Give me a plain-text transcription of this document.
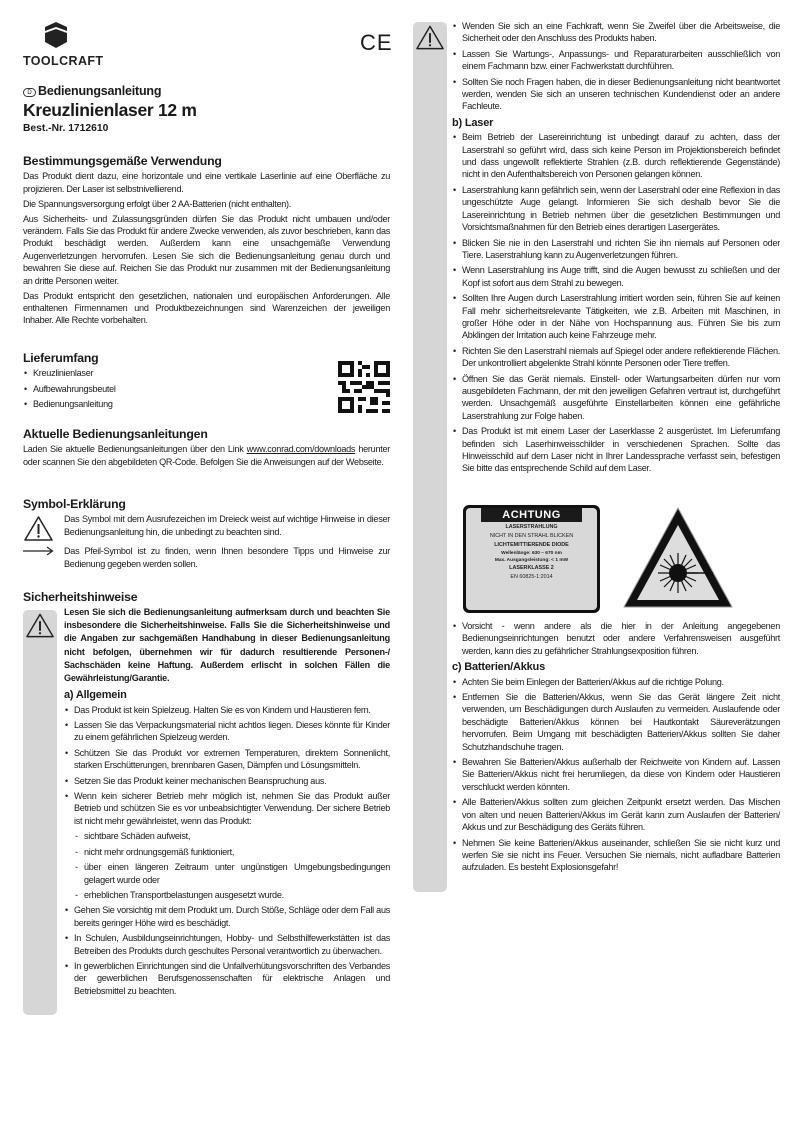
TOOLCRAFT
CE
D Bedienungsanleitung
Kreuzlinienlaser 12 m
Best.-Nr. 1712610
Bestimmungsgemäße Verwendung

Das Produkt dient dazu, eine horizontale und eine vertikale Laserlinie auf eine Oberfläche zu projizieren. Der Laser ist selbstnivellierend.

Die Spannungsversorgung erfolgt über 2 AA-Batterien (nicht enthalten).

Aus Sicherheits- und Zulassungsgründen dürfen Sie das Produkt nicht umbauen und/oder verändern. Falls Sie das Produkt für andere Zwecke verwenden, als zuvor beschrieben, kann das Produkt beschädigt werden. Außerdem kann eine unsachgemäße Verwendung Augenverletzungen hervorrufen. Lesen Sie sich die Bedienungsanleitung genau durch und bewahren Sie diese auf. Reichen Sie das Produkt nur zusammen mit der Bedienungsanleitung an dritte Personen weiter.

Das Produkt entspricht den gesetzlichen, nationalen und europäischen Anforderungen. Alle enthaltenen Firmennamen und Produktbezeichnungen sind Warenzeichen der jeweiligen Inhaber. Alle Rechte vorbehalten.

Lieferumfang
• Kreuzlinienlaser
• Aufbewahrungsbeutel
• Bedienungsanleitung
Aktuelle Bedienungsanleitungen

Laden Sie aktuelle Bedienungsanleitungen über den Link www.conrad.com/downloads herunter oder scannen Sie den abgebildeten QR-Code. Befolgen Sie die Anweisungen auf der Webseite.

Symbol-Erklärung

Das Symbol mit dem Ausrufezeichen im Dreieck weist auf wichtige Hinweise in dieser Bedienungsanleitung hin, die unbedingt zu beachten sind.

Das Pfeil-Symbol ist zu finden, wenn Ihnen besondere Tipps und Hinweise zur Bedienung gegeben werden sollen.

Sicherheitshinweise

Lesen Sie sich die Bedienungsanleitung aufmerksam durch und beachten Sie insbesondere die Sicherheitshinweise. Falls Sie die Sicherheitshinweise und die Angaben zur sachgemäßen Handhabung in dieser Bedienungsanleitung nicht befolgen, übernehmen wir für dadurch resultierende Personen-/ Sachschäden keine Haftung. Außerdem erlischt in solchen Fällen die Gewährleistung/Garantie.

a) Allgemein
• Das Produkt ist kein Spielzeug. Halten Sie es von Kindern und Haustieren fern.
• Lassen Sie das Verpackungsmaterial nicht achtlos liegen. Dieses könnte für Kinder zu einem gefährlichen Spielzeug werden.
• Schützen Sie das Produkt vor extremen Temperaturen, direktem Sonnenlicht, starken Erschütterungen, brennbaren Gasen, Dämpfen und Lösungsmitteln.
• Setzen Sie das Produkt keiner mechanischen Beanspruchung aus.
• Wenn kein sicherer Betrieb mehr möglich ist, nehmen Sie das Produkt außer Betrieb und schützen Sie es vor unbeabsichtigter Verwendung. Der sichere Betrieb ist nicht mehr gewährleistet, wenn das Produkt:
- sichtbare Schäden aufweist,
- nicht mehr ordnungsgemäß funktioniert,
- über einen längeren Zeitraum unter ungünstigen Umgebungsbedingungen gelagert wurde oder
- erheblichen Transportbelastungen ausgesetzt wurde.
• Gehen Sie vorsichtig mit dem Produkt um. Durch Stöße, Schläge oder dem Fall aus bereits geringer Höhe wird es beschädigt.
• In Schulen, Ausbildungseinrichtungen, Hobby- und Selbsthilfewerkstätten ist das Betreiben des Produkts durch geschultes Personal verantwortlich zu überwachen.
• In gewerblichen Einrichtungen sind die Unfallverhütungsvorschriften des Verbandes der gewerblichen Berufsgenossenschaften für elektrische Anlagen und Betriebsmittel zu beachten.
• Wenden Sie sich an eine Fachkraft, wenn Sie Zweifel über die Arbeitsweise, die Sicherheit oder den Anschluss des Produkts haben.
• Lassen Sie Wartungs-, Anpassungs- und Reparaturarbeiten ausschließlich von einem Fachmann bzw. einer Fachwerkstatt durchführen.
• Sollten Sie noch Fragen haben, die in dieser Bedienungsanleitung nicht beantwortet werden, wenden Sie sich an unseren technischen Kundendienst oder an andere Fachleute.
b) Laser
• Beim Betrieb der Lasereinrichtung ist unbedingt darauf zu achten, dass der Laserstrahl so geführt wird, dass sich keine Person im Projektionsbereich befindet und dass ungewollt reflektierte Strahlen (z.B. durch reflektierende Gegenstände) nicht in den Aufenthaltsbereich von Personen gelangen können.
• Laserstrahlung kann gefährlich sein, wenn der Laserstrahl oder eine Reflexion in das ungeschützte Auge gelangt. Informieren Sie sich deshalb bevor Sie die Lasereinrichtung in Betrieb nehmen über die gesetzlichen Bestimmungen und Vorsichtsmaßnahmen für den Betrieb eines derartigen Lasergerätes.
• Blicken Sie nie in den Laserstrahl und richten Sie ihn niemals auf Personen oder Tiere. Laserstrahlung kann zu Augenverletzungen führen.
• Wenn Laserstrahlung ins Auge trifft, sind die Augen bewusst zu schließen und der Kopf ist sofort aus dem Strahl zu bewegen.
• Sollten Ihre Augen durch Laserstrahlung irritiert worden sein, führen Sie auf keinen Fall mehr sicherheitsrelevante Tätigkeiten, wie z.B. Arbeiten mit Maschinen, in großer Höhe oder in der Nähe von Hochspannung aus. Führen Sie bis zum Abklingen der Irritation auch keine Fahrzeuge mehr.
• Richten Sie den Laserstrahl niemals auf Spiegel oder andere reflektierende Flächen. Der unkontrolliert abgelenkte Strahl könnte Personen oder Tiere treffen.
• Öffnen Sie das Gerät niemals. Einstell- oder Wartungsarbeiten dürfen nur vom ausgebildeten Fachmann, der mit den jeweiligen Gefahren vertraut ist, durchgeführt werden. Unsachgemäß ausgeführte Einstellarbeiten können eine gefährliche Laserstrahlung zur Folge haben.
• Das Produkt ist mit einem Laser der Laserklasse 2 ausgerüstet. Im Lieferumfang befinden sich Laserhinweisschilder in verschiedenen Sprachen. Sollte das Hinweisschild auf dem Laser nicht in Ihrer Landessprache verfasst sein, befestigen Sie bitte das entsprechende Schild auf dem Laser.
ACHTUNG
LASERSTRAHLUNG
NICHT IN DEN STRAHL BLICKEN
LICHTEMITTIERENDE DIODE
Wellenlänge: 630 – 670 nm
Max. Ausgangsleistung: < 1 mW
LASERKLASSE 2
EN 60825-1:2014
• Vorsicht - wenn andere als die hier in der Anleitung angegebenen Bedienungseinrichtungen benutzt oder andere Verfahrensweisen ausgeführt werden, kann dies zu gefährlicher Strahlungsexposition führen.
c) Batterien/Akkus
• Achten Sie beim Einlegen der Batterien/Akkus auf die richtige Polung.
• Entfernen Sie die Batterien/Akkus, wenn Sie das Gerät längere Zeit nicht verwenden, um Beschädigungen durch Auslaufen zu vermeiden. Auslaufende oder beschädigte Batterien/Akkus können bei Hautkontakt Säureverätzungen hervorrufen. Beim Umgang mit beschädigten Batterien/Akkus sollten Sie daher Schutzhandschuhe tragen.
• Bewahren Sie Batterien/Akkus außerhalb der Reichweite von Kindern auf. Lassen Sie Batterien/Akkus nicht frei herumliegen, da diese von Kindern oder Haustieren verschluckt werden könnten.
• Alle Batterien/Akkus sollten zum gleichen Zeitpunkt ersetzt werden. Das Mischen von alten und neuen Batterien/Akkus im Gerät kann zum Auslaufen der Batterien/ Akkus und zur Beschädigung des Geräts führen.
• Nehmen Sie keine Batterien/Akkus auseinander, schließen Sie sie nicht kurz und werfen Sie sie nicht ins Feuer. Versuchen Sie niemals, nicht aufladbare Batterien aufzuladen. Es besteht Explosionsgefahr!
